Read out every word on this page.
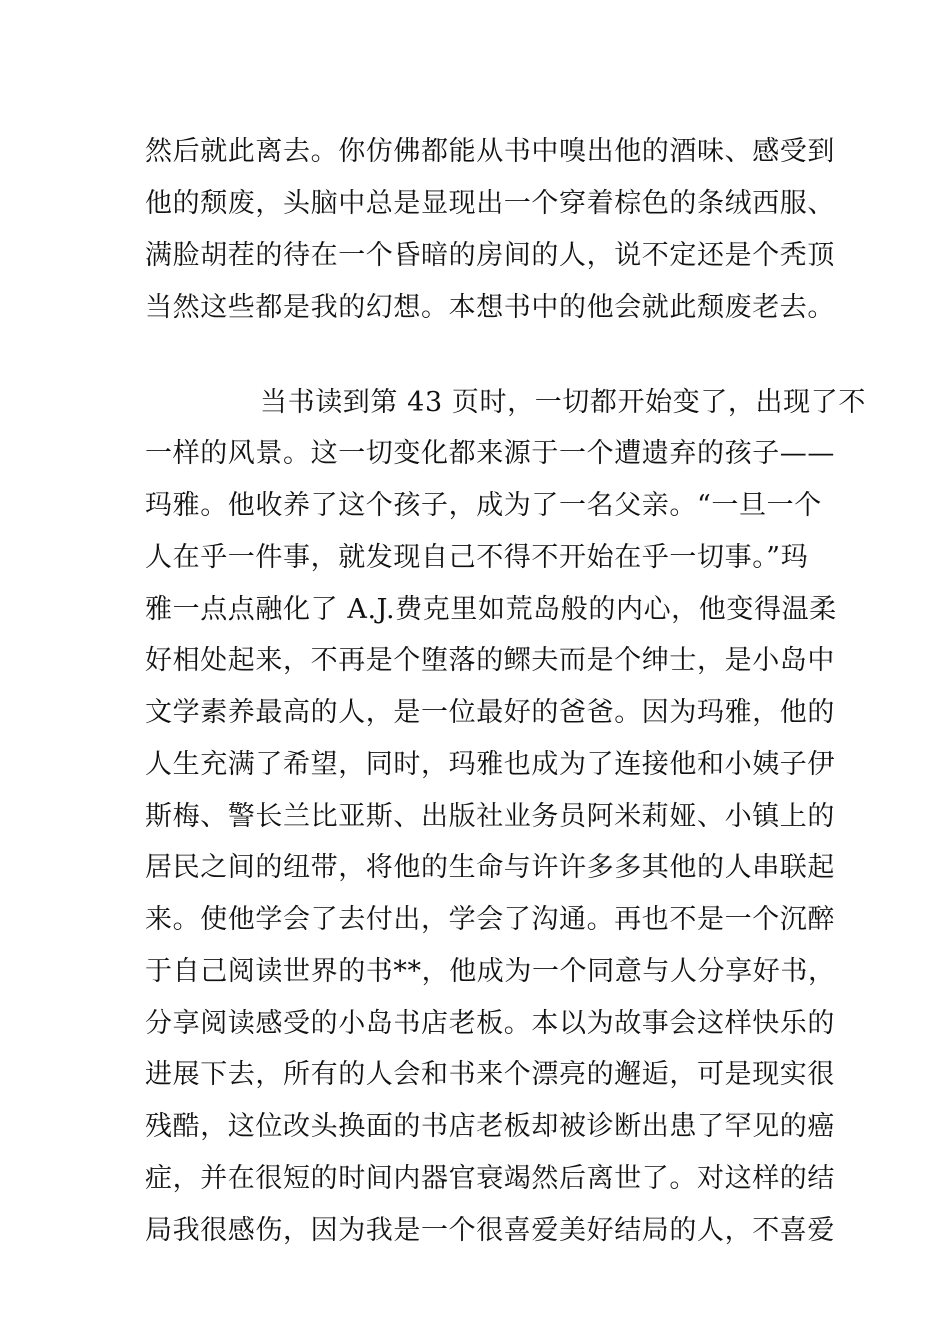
然后就此离去。你仿佛都能从书中嗅出他的酒味、感受到
他的颓废，头脑中总是显现出一个穿着棕色的条绒西服、
满脸胡茬的待在一个昏暗的房间的人，说不定还是个秃顶
当然这些都是我的幻想。本想书中的他会就此颓废老去。
当书读到第 43 页时，一切都开始变了，出现了不
一样的风景。这一切变化都来源于一个遭遗弃的孩子——
玛雅。他收养了这个孩子，成为了一名父亲。“一旦一个
人在乎一件事，就发现自己不得不开始在乎一切事。”玛
雅一点点融化了 A.J.费克里如荒岛般的内心，他变得温柔
好相处起来，不再是个堕落的鳏夫而是个绅士，是小岛中
文学素养最高的人，是一位最好的爸爸。因为玛雅，他的
人生充满了希望，同时，玛雅也成为了连接他和小姨子伊
斯梅、警长兰比亚斯、出版社业务员阿米莉娅、小镇上的
居民之间的纽带，将他的生命与许许多多其他的人串联起
来。使他学会了去付出，学会了沟通。再也不是一个沉醉
于自己阅读世界的书**，他成为一个同意与人分享好书，
分享阅读感受的小岛书店老板。本以为故事会这样快乐的
进展下去，所有的人会和书来个漂亮的邂逅，可是现实很
残酷，这位改头换面的书店老板却被诊断出患了罕见的癌
症，并在很短的时间内器官衰竭然后离世了。对这样的结
局我很感伤，因为我是一个很喜爱美好结局的人，不喜爱
